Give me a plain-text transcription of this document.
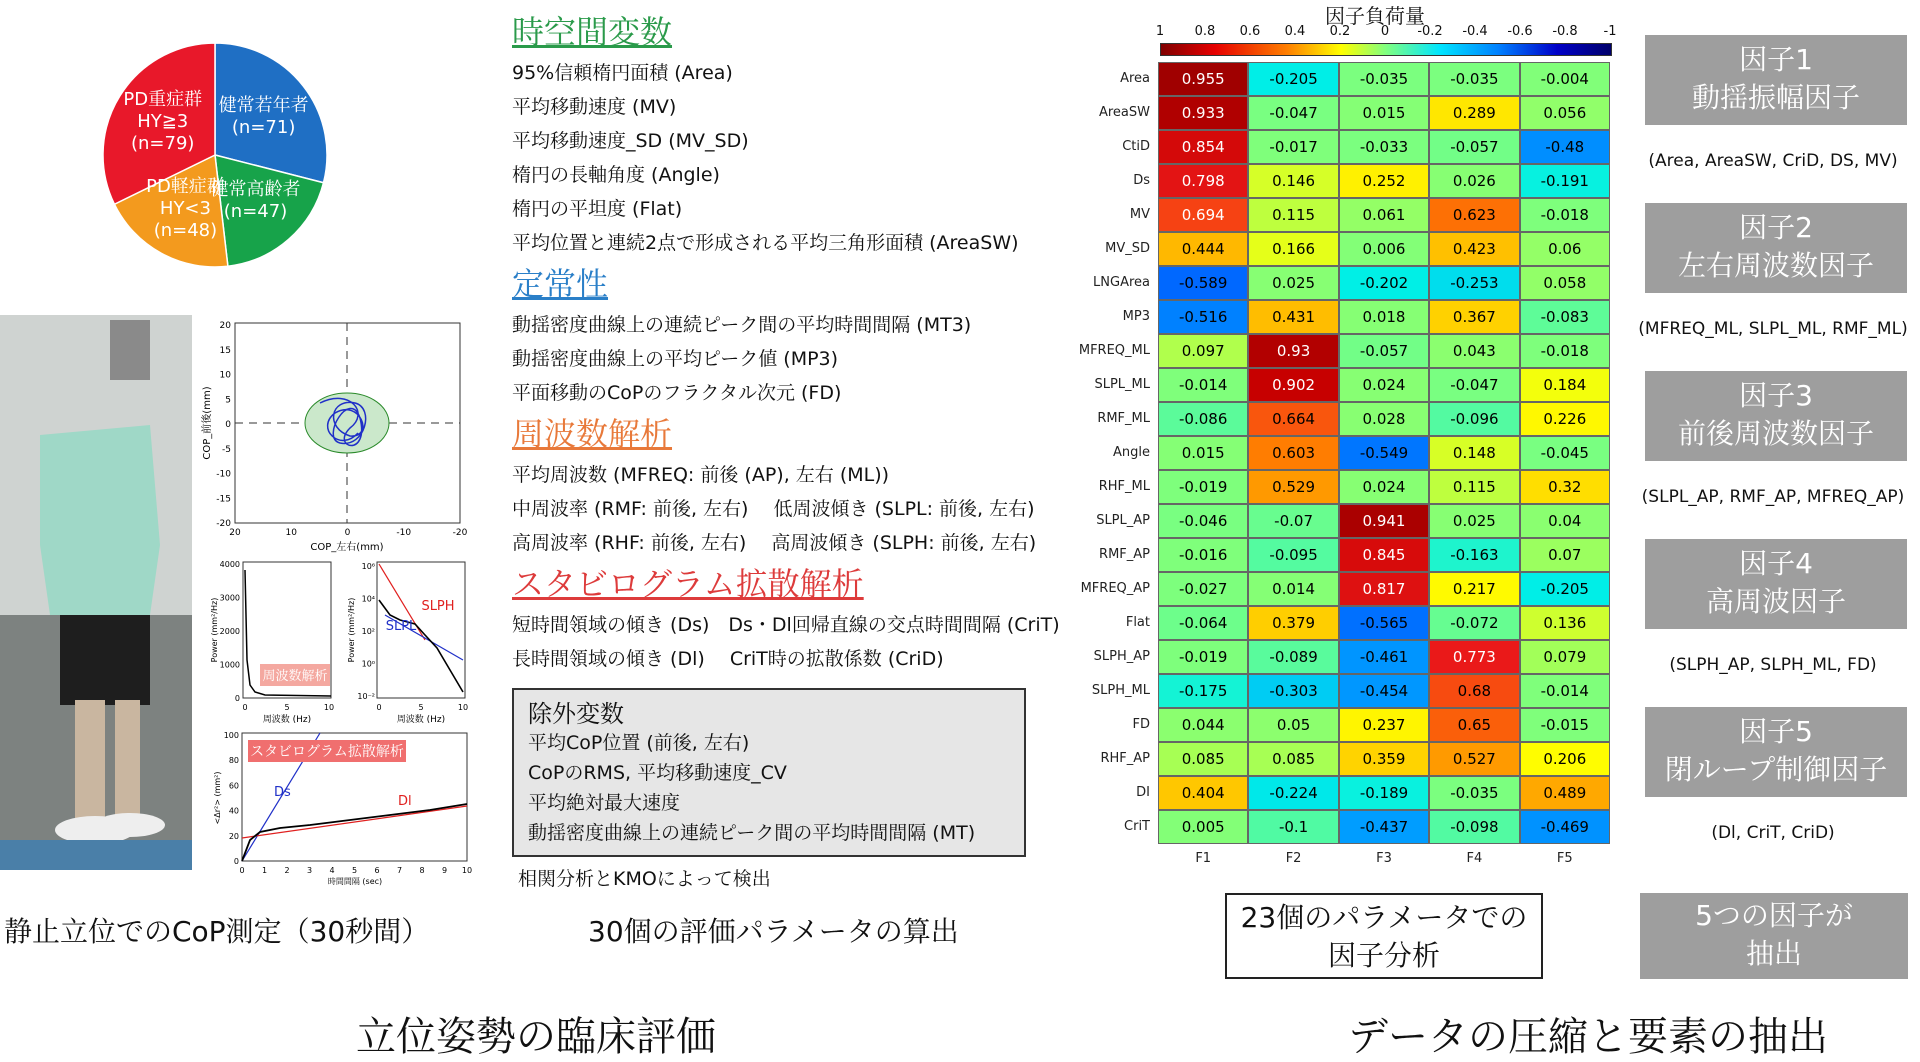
健常若年者
(n=71)
健常高齢者
(n=47)
PD軽症群
HY<3
(n=48)
PD重症群
HY≧3
(n=79)
20
15
10
5
0
-5
-10
-15
-20
20	10	0	-10	-20
COP_前後(mm)
COP_左右(mm)
周波数解析
4000
3000
2000
1000
0
0	5	10
Power (mm²/Hz)
周波数 (Hz)
SLPH
SLPL
10⁶
10⁴
10²
10⁰
10⁻²
0	5	10
Power (mm²/Hz)
周波数 (Hz)
スタビログラム拡散解析
Ds
Dl
100
80
60
40
20
0
0 1 2 3 4 5 6 7 8 9 10
<Δr²> (mm²)
時間間隔 (sec)
静止立位でのCoP測定（30秒間）
時空間変数
95%信頼楕円面積 (Area)
平均移動速度 (MV)
平均移動速度_SD (MV_SD)
楕円の長軸角度 (Angle)
楕円の平坦度 (Flat)
平均位置と連続2点で形成される平均三角形面積 (AreaSW)
定常性
動揺密度曲線上の連続ピーク間の平均時間間隔 (MT3)
動揺密度曲線上の平均ピーク値 (MP3)
平面移動のCoPのフラクタル次元 (FD)
周波数解析
平均周波数 (MFREQ: 前後 (AP), 左右 (ML))
中周波率 (RMF: 前後, 左右)　 低周波傾き (SLPL: 前後, 左右)
高周波率 (RHF: 前後, 左右)　 高周波傾き (SLPH: 前後, 左右)
スタビログラム拡散解析
短時間領域の傾き (Ds)　Ds・Dl回帰直線の交点時間間隔 (CriT)
長時間領域の傾き (Dl)　 CriT時の拡散係数 (CriD)
除外変数
平均CoP位置 (前後, 左右)
CoPのRMS, 平均移動速度_CV
平均絶対最大速度
動揺密度曲線上の連続ピーク間の平均時間間隔 (MT)
相関分析とKMOによって検出
30個の評価パラメータの算出
立位姿勢の臨床評価	データの圧縮と要素の抽出
因子負荷量
1 0.8 0.6 0.4 0.2 0 -0.2 -0.4 -0.6 -0.8 -1
Area	0.955	-0.205	-0.035	-0.035	-0.004
AreaSW	0.933	-0.047	0.015	0.289	0.056
CtiD	0.854	-0.017	-0.033	-0.057	-0.48
Ds	0.798	0.146	0.252	0.026	-0.191
MV	0.694	0.115	0.061	0.623	-0.018
MV_SD	0.444	0.166	0.006	0.423	0.06
LNGArea	-0.589	0.025	-0.202	-0.253	0.058
MP3	-0.516	0.431	0.018	0.367	-0.083
MFREQ_ML	0.097	0.93	-0.057	0.043	-0.018
SLPL_ML	-0.014	0.902	0.024	-0.047	0.184
RMF_ML	-0.086	0.664	0.028	-0.096	0.226
Angle	0.015	0.603	-0.549	0.148	-0.045
RHF_ML	-0.019	0.529	0.024	0.115	0.32
SLPL_AP	-0.046	-0.07	0.941	0.025	0.04
RMF_AP	-0.016	-0.095	0.845	-0.163	0.07
MFREQ_AP	-0.027	0.014	0.817	0.217	-0.205
Flat	-0.064	0.379	-0.565	-0.072	0.136
SLPH_AP	-0.019	-0.089	-0.461	0.773	0.079
SLPH_ML	-0.175	-0.303	-0.454	0.68	-0.014
FD	0.044	0.05	0.237	0.65	-0.015
RHF_AP	0.085	0.085	0.359	0.527	0.206
DI	0.404	-0.224	-0.189	-0.035	0.489
CriT	0.005	-0.1	-0.437	-0.098	-0.469
F1	F2	F3	F4	F5
23個のパラメータでの
因子分析
因子1
動揺振幅因子
(Area, AreaSW, CriD, DS, MV)
因子2
左右周波数因子
(MFREQ_ML, SLPL_ML, RMF_ML)
因子3
前後周波数因子
(SLPL_AP, RMF_AP, MFREQ_AP)
因子4
高周波因子
(SLPH_AP, SLPH_ML, FD)
因子5
閉ループ制御因子
(Dl, CriT, CriD)
5つの因子が
抽出
